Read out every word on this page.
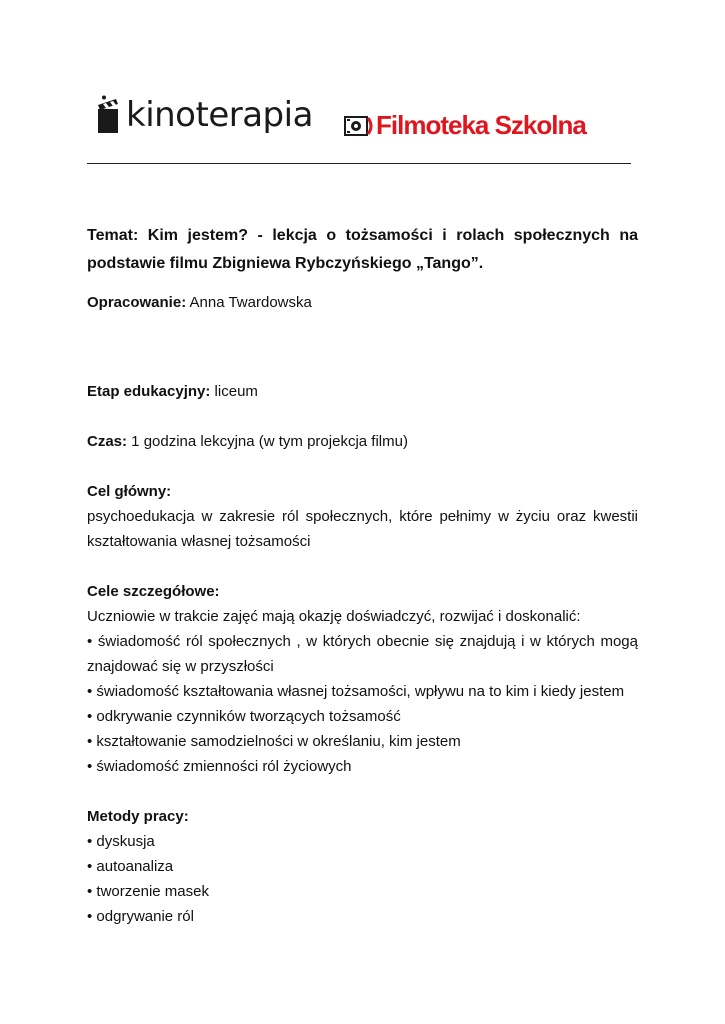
kinoterapia Filmoteka Szkolna

Temat: Kim jestem? - lekcja o tożsamości i rolach społecznych na podstawie filmu Zbigniewa Rybczyńskiego „Tango”.

Opracowanie: Anna Twardowska

Etap edukacyjny: liceum

Czas: 1 godzina lekcyjna (w tym projekcja filmu)

Cel główny:

psychoedukacja w zakresie ról społecznych, które pełnimy w życiu oraz kwestii kształtowania własnej tożsamości

Cele szczegółowe:

Uczniowie w trakcie zajęć mają okazję doświadczyć, rozwijać i doskonalić:

• świadomość ról społecznych , w których obecnie się znajdują i w których mogą znajdować się w przyszłości
• świadomość kształtowania własnej tożsamości, wpływu na to kim i kiedy jestem
• odkrywanie czynników tworzących tożsamość
• kształtowanie samodzielności w określaniu, kim jestem
• świadomość zmienności ról życiowych

Metody pracy:

• dyskusja
• autoanaliza
• tworzenie masek
• odgrywanie ról
